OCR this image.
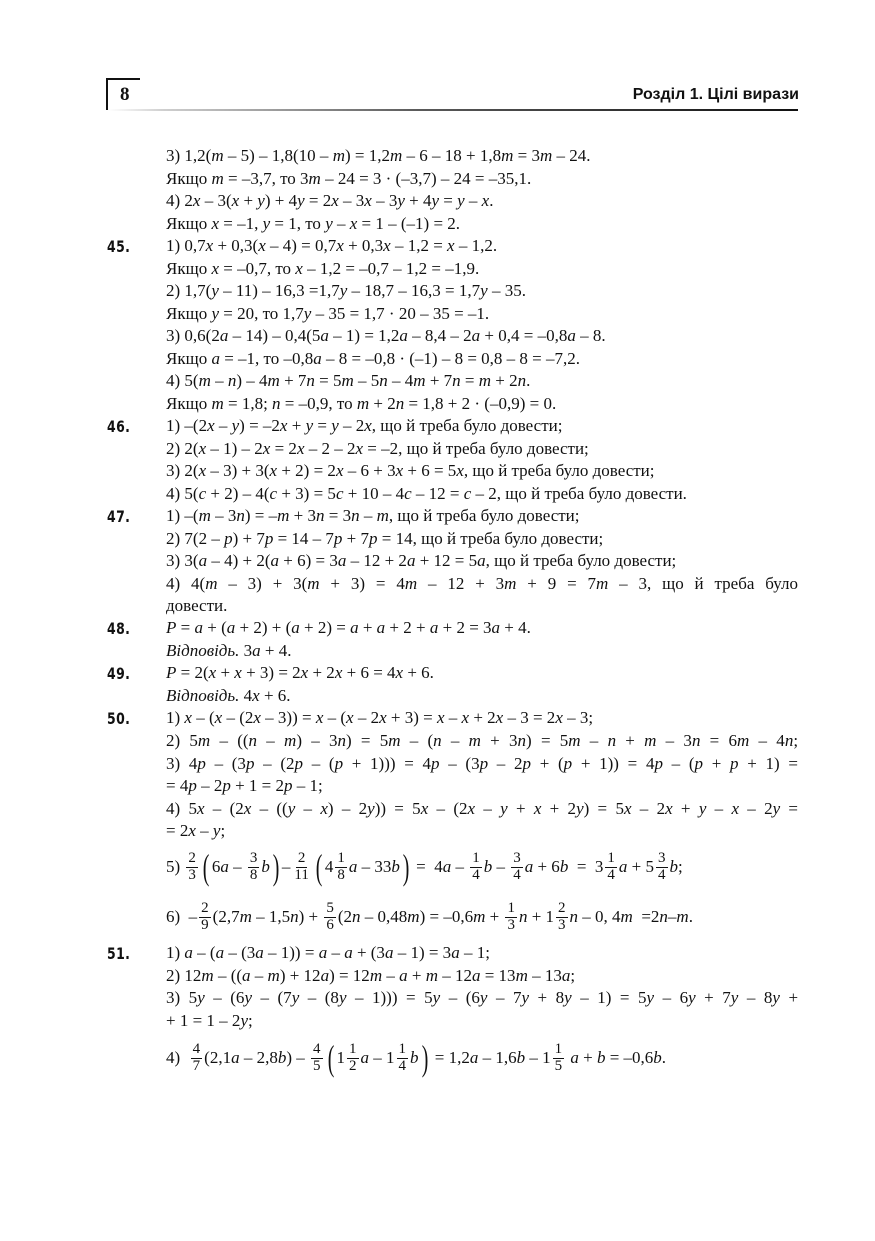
8	Розділ 1. Цілі вирази
3) 1,2(m – 5) – 1,8(10 – m) = 1,2m – 6 – 18 + 1,8m = 3m – 24.
Якщо m = –3,7, то 3m – 24 = 3 · (–3,7) – 24 = –35,1.
4) 2x – 3(x + y) + 4y = 2x – 3x – 3y + 4y = y – x.
Якщо x = –1, y = 1, то y – x = 1 – (–1) = 2.
45. 1) 0,7x + 0,3(x – 4) = 0,7x + 0,3x – 1,2 = x – 1,2.
Якщо x = –0,7, то x – 1,2 = –0,7 – 1,2 = –1,9.
2) 1,7(y – 11) – 16,3 =1,7y – 18,7 – 16,3 = 1,7y – 35.
Якщо y = 20, то 1,7y – 35 = 1,7 · 20 – 35 = –1.
3) 0,6(2a – 14) – 0,4(5a – 1) = 1,2a – 8,4 – 2a + 0,4 = –0,8a – 8.
Якщо a = –1, то –0,8a – 8 = –0,8 · (–1) – 8 = 0,8 – 8 = –7,2.
4) 5(m – n) – 4m + 7n = 5m – 5n – 4m + 7n = m + 2n.
Якщо m = 1,8; n = –0,9, то m + 2n = 1,8 + 2 · (–0,9) = 0.
46. 1) –(2x – y) = –2x + y = y – 2x, що й треба було довести;
2) 2(x – 1) – 2x = 2x – 2 – 2x = –2, що й треба було довести;
3) 2(x – 3) + 3(x + 2) = 2x – 6 + 3x + 6 = 5x, що й треба було довести;
4) 5(c + 2) – 4(c + 3) = 5c + 10 – 4c – 12 = c – 2, що й треба було довести.
47. 1) –(m – 3n) = –m + 3n = 3n – m, що й треба було довести;
2) 7(2 – p) + 7p = 14 – 7p + 7p = 14, що й треба було довести;
3) 3(a – 4) + 2(a + 6) = 3a – 12 + 2a + 12 = 5a, що й треба було довести;
4) 4(m – 3) + 3(m + 3) = 4m – 12 + 3m + 9 = 7m – 3, що й треба було
довести.
48. P = a + (a + 2) + (a + 2) = a + a + 2 + a + 2 = 3a + 4.
Відповідь. 3a + 4.
49. P = 2(x + x + 3) = 2x + 2x + 6 = 4x + 6.
Відповідь. 4x + 6.
50. 1) x – (x – (2x – 3)) = x – (x – 2x + 3) = x – x + 2x – 3 = 2x – 3;
2) 5m – ((n – m) – 3n) = 5m – (n – m + 3n) = 5m – n + m – 3n = 6m – 4n;
3) 4p – (3p – (2p – (p + 1))) = 4p – (3p – 2p + (p + 1)) = 4p – (p + p + 1) =
= 4p – 2p + 1 = 2p – 1;
4) 5x – (2x – ((y – x) – 2y)) = 5x – (2x – y + x + 2y) = 5x – 2x + y – x – 2y =
= 2x – y;
$5) \frac{2}{3}$ ( 6 a – $\frac{3}{8}$ b ) – $\frac{2}{11}$ ( $4 \frac{1}{8}$ a – 33 b ) =  4 a – $\frac{1}{4}$ b – $\frac{3}{4}$ a + 6 $b = 3 \frac{1}{4}$ $a + 5 \frac{3}{4}$ b ;
$6) - \frac{2}{9} (2,7$ m – 1,5 n ) + $\frac{5}{6} (2$ n – 0,48 m ) = –0,6 $m + \frac{1}{3}$ $n + 1 \frac{2}{3}$ n – 0, 4 m =2 n – m .
51. 1) a – (a – (3a – 1)) = a – a + (3a – 1) = 3a – 1;
2) 12m – ((a – m) + 12a) = 12m – a + m – 12a = 13m – 13a;
3) 5y – (6y – (7y – (8y – 1))) = 5y – (6y – 7y + 8y – 1) = 5y – 6y + 7y – 8y +
+ 1 = 1 – 2y;
$4) \frac{4}{7} (2,1$ a – 2,8 b ) – $\frac{4}{5}$ ( $1 \frac{1}{2}$ a – $1 \frac{1}{4}$ b ) = 1,2 a – 1,6 b – $1 \frac{1}{5}$
a + b = –0,6 b .
